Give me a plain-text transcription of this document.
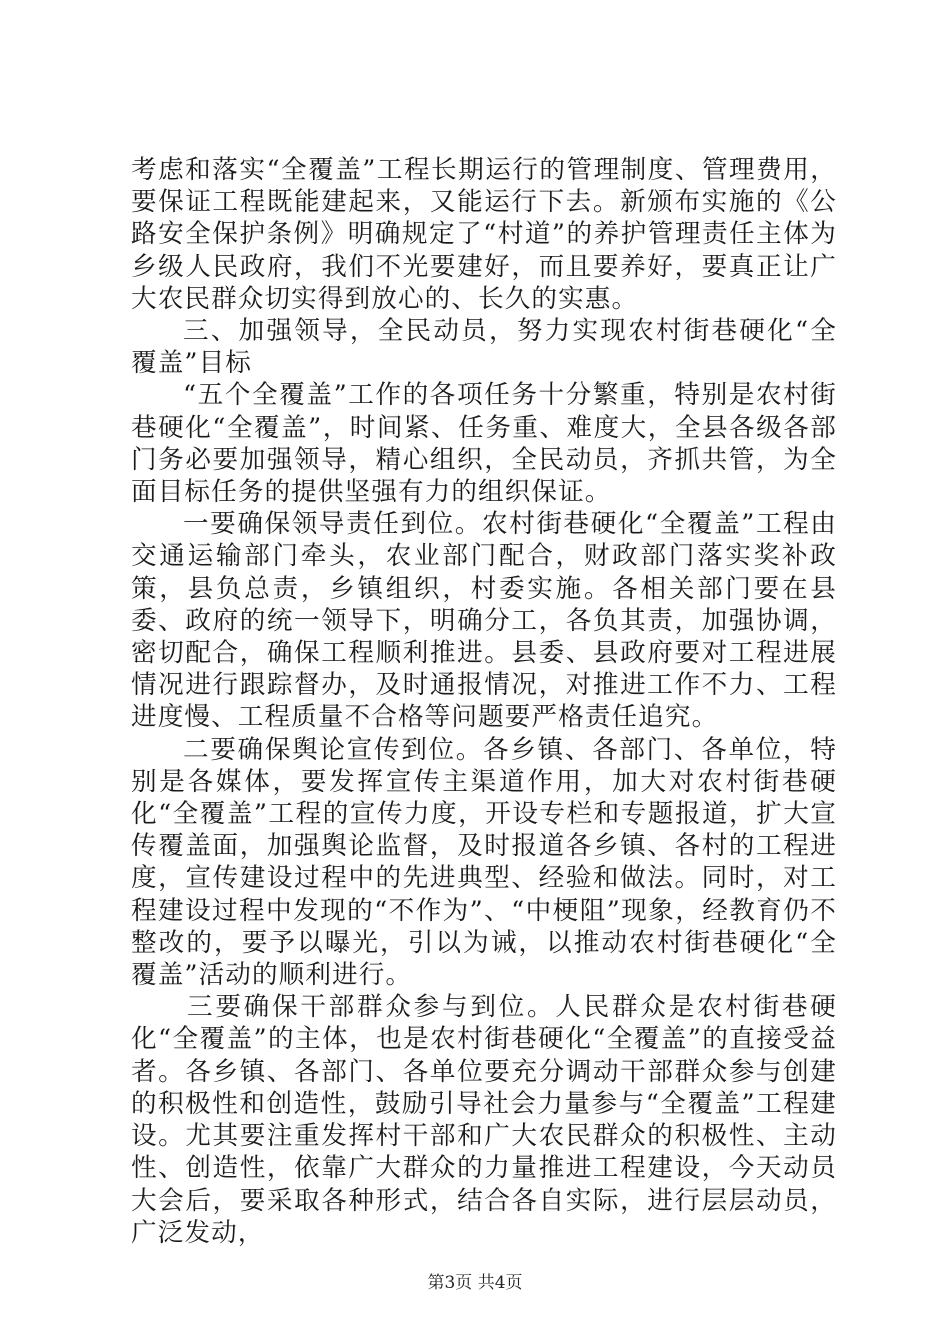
考虑和落实“全覆盖”工程长期运行的管理制度、管理费用，要保证工程既能建起来，又能运行下去。新颁布实施的《公路安全保护条例》明确规定了“村道”的养护管理责任主体为乡级人民政府，我们不光要建好，而且要养好，要真正让广大农民群众切实得到放心的、长久的实惠。

三、加强领导，全民动员，努力实现农村街巷硬化“全覆盖”目标

“五个全覆盖”工作的各项任务十分繁重，特别是农村街巷硬化“全覆盖”，时间紧、任务重、难度大，全县各级各部门务必要加强领导，精心组织，全民动员，齐抓共管，为全面目标任务的提供坚强有力的组织保证。

一要确保领导责任到位。农村街巷硬化“全覆盖”工程由交通运输部门牵头，农业部门配合，财政部门落实奖补政策，县负总责，乡镇组织，村委实施。各相关部门要在县委、政府的统一领导下，明确分工，各负其责，加强协调，密切配合，确保工程顺利推进。县委、县政府要对工程进展情况进行跟踪督办，及时通报情况，对推进工作不力、工程进度慢、工程质量不合格等问题要严格责任追究。

二要确保舆论宣传到位。各乡镇、各部门、各单位，特别是各媒体，要发挥宣传主渠道作用，加大对农村街巷硬化“全覆盖”工程的宣传力度，开设专栏和专题报道，扩大宣传覆盖面，加强舆论监督，及时报道各乡镇、各村的工程进度，宣传建设过程中的先进典型、经验和做法。同时，对工程建设过程中发现的“不作为”、“中梗阻”现象，经教育仍不整改的，要予以曝光，引以为诫，以推动农村街巷硬化“全覆盖”活动的顺利进行。

三要确保干部群众参与到位。人民群众是农村街巷硬化“全覆盖”的主体，也是农村街巷硬化“全覆盖”的直接受益者。各乡镇、各部门、各单位要充分调动干部群众参与创建的积极性和创造性，鼓励引导社会力量参与“全覆盖”工程建设。尤其要注重发挥村干部和广大农民群众的积极性、主动性、创造性，依靠广大群众的力量推进工程建设，今天动员大会后，要采取各种形式，结合各自实际，进行层层动员，广泛发动，

第3页 共4页
